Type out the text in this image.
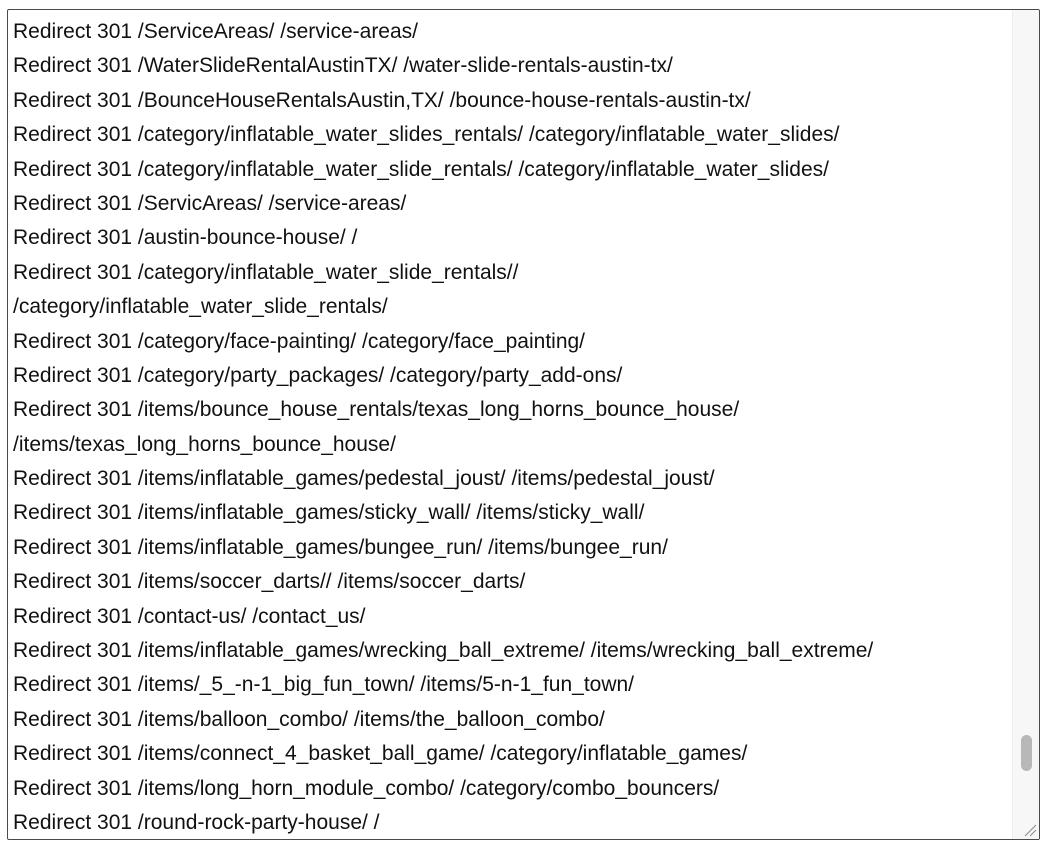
Redirect 301 /ServiceAreas/ /service-areas/
Redirect 301 /WaterSlideRentalAustinTX/ /water-slide-rentals-austin-tx/
Redirect 301 /BounceHouseRentalsAustin,TX/ /bounce-house-rentals-austin-tx/
Redirect 301 /category/inflatable_water_slides_rentals/ /category/inflatable_water_slides/
Redirect 301 /category/inflatable_water_slide_rentals/ /category/inflatable_water_slides/
Redirect 301 /ServicAreas/ /service-areas/
Redirect 301 /austin-bounce-house/ /
Redirect 301 /category/inflatable_water_slide_rentals//
/category/inflatable_water_slide_rentals/
Redirect 301 /category/face-painting/ /category/face_painting/
Redirect 301 /category/party_packages/ /category/party_add-ons/
Redirect 301 /items/bounce_house_rentals/texas_long_horns_bounce_house/
/items/texas_long_horns_bounce_house/
Redirect 301 /items/inflatable_games/pedestal_joust/ /items/pedestal_joust/
Redirect 301 /items/inflatable_games/sticky_wall/ /items/sticky_wall/
Redirect 301 /items/inflatable_games/bungee_run/ /items/bungee_run/
Redirect 301 /items/soccer_darts// /items/soccer_darts/
Redirect 301 /contact-us/ /contact_us/
Redirect 301 /items/inflatable_games/wrecking_ball_extreme/ /items/wrecking_ball_extreme/
Redirect 301 /items/_5_-n-1_big_fun_town/ /items/5-n-1_fun_town/
Redirect 301 /items/balloon_combo/ /items/the_balloon_combo/
Redirect 301 /items/connect_4_basket_ball_game/ /category/inflatable_games/
Redirect 301 /items/long_horn_module_combo/ /category/combo_bouncers/
Redirect 301 /round-rock-party-house/ /
